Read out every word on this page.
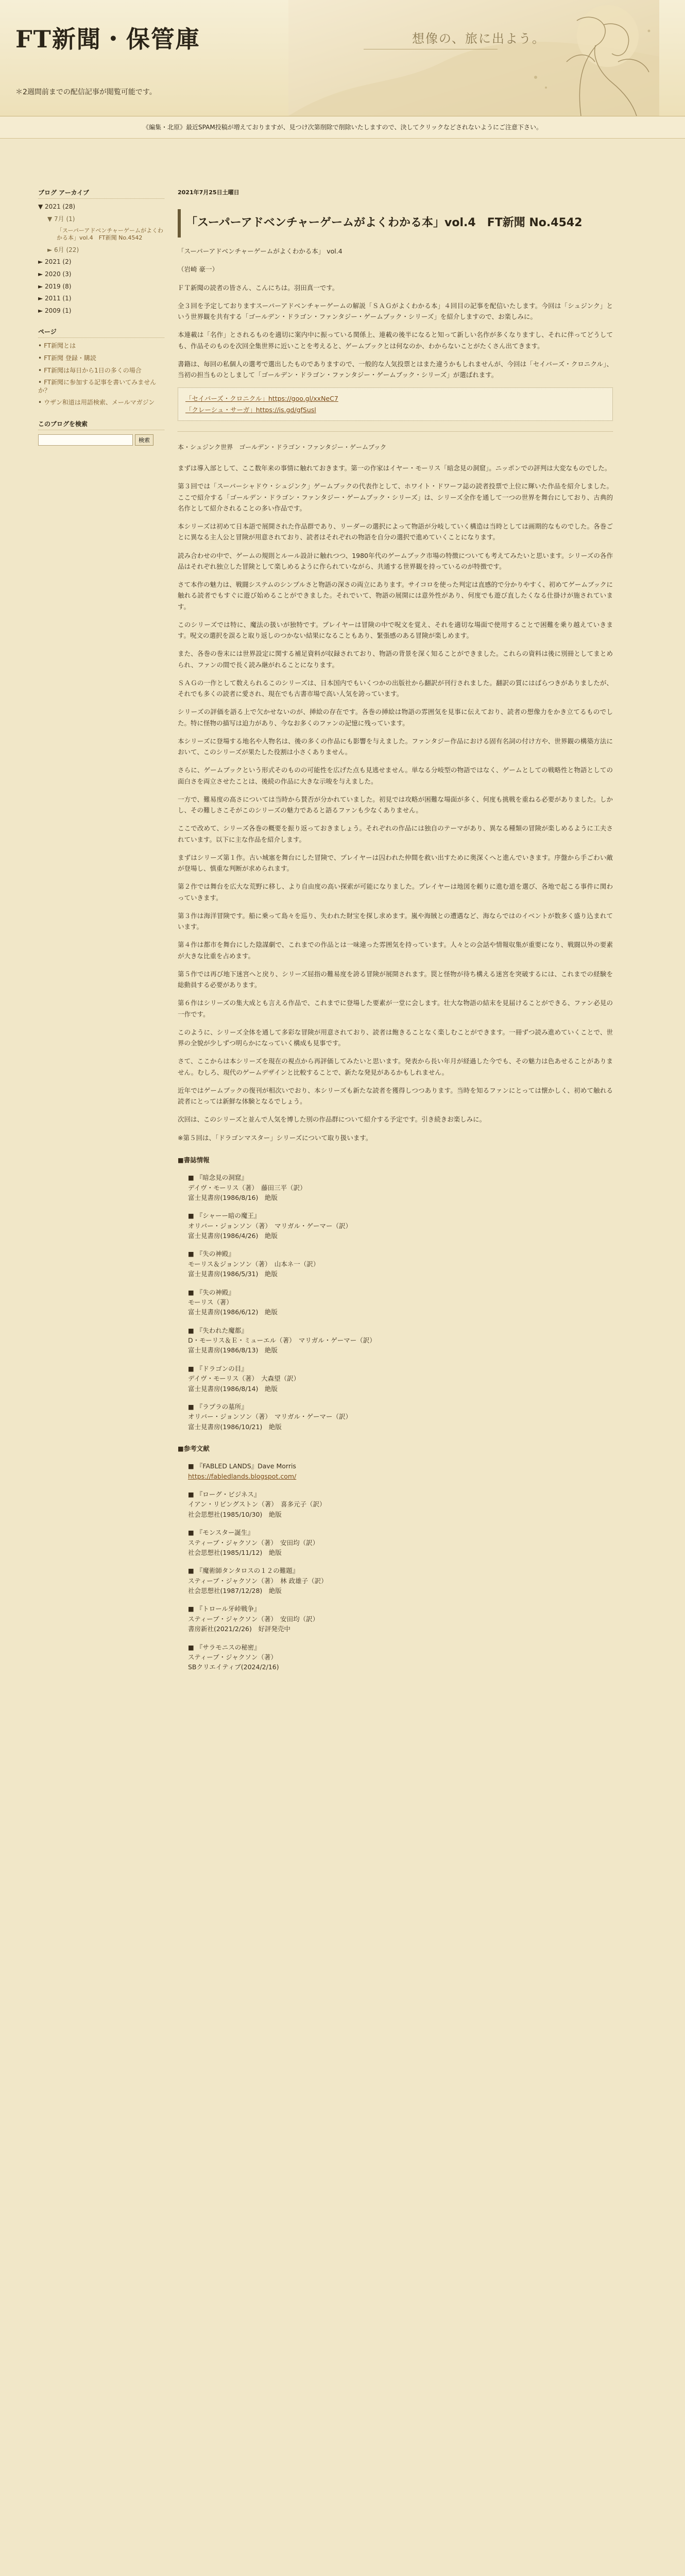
FT新聞・保管庫
＊2週間前までの配信記事が閲覧可能です。
想像の、旅に出よう。
《編集・北原》最近SPAM投稿が増えておりますが、見つけ次第削除で削除いたしますので、決してクリックなどされないようにご注意下さい。
ブログ アーカイブ
▼ 2021 (28)
▼ 7月 (1)
「スーパーアドベンチャーゲームがよくわかる本」vol.4　FT新聞 No.4542
► 6月 (22)
► 2021 (2)
► 2020 (3)
► 2019 (8)
► 2011 (1)
► 2009 (1)
ページ
• FT新聞とは
• FT新聞 登録・購読
• FT新聞は毎日から1日の多くの場合
• FT新聞に参加する記事を書いてみませんか？
• ウザン和道は用語検索、メールマガジン
このブログを検索
検索
2021年7月25日土曜日
「スーパーアドベンチャーゲームがよくわかる本」vol.4　FT新聞 No.4542

「スーパーアドベンチャーゲームがよくわかる本」 vol.4

（岩崎 豪一）

ＦＴ新聞の読者の皆さん、こんにちは。羽田真一です。

全３回を予定しておりますスーパーアドベンチャーゲームの解説「ＳＡＧがよくわかる本」４回目の記事を配信いたします。今回は「シュジンク」という世界観を共有する「ゴールデン・ドラゴン・ファンタジー・ゲームブック・シリーズ」を紹介しますので、お楽しみに。

本連載は「名作」とされるものを適切に案内中に振っている関係上、連載の後半になると知って新しい名作が多くなりますし、それに伴ってどうしても、作品そのものを次回全集世界に近いことを考えると、ゲームブックとは何なのか、わからないことがたくさん出てきます。

書籍は、毎回の私個人の選考で選出したものでありますので、一般的な人気投票とはまた違うかもしれませんが、今回は「セイバーズ・クロニクル」、当初の担当ものとしまして「ゴールデン・ドラゴン・ファンタジー・ゲームブック・シリーズ」が選ばれます。

「セイバーズ・クロニクル」https://goo.gl/xxNeC7
「クレーシュ・サーガ」https://is.gd/gfSusl
本・シュジンク世界　ゴールデン・ドラゴン・ファンタジー・ゲームブック

まずは導入部として、ここ数年来の事情に触れておきます。第一の作家はイヤー・モーリス「暗念見の洞窟」。ニッポンでの評判は大変なものでした。

第３回では「スーパーシャドウ・シュジンク」ゲームブックの代表作として、ホワイト・ドワーフ誌の読者投票で上位に輝いた作品を紹介しました。ここで紹介する「ゴールデン・ドラゴン・ファンタジー・ゲームブック・シリーズ」は、シリーズ全作を通して一つの世界を舞台にしており、古典的名作として紹介されることの多い作品です。

本シリーズは初めて日本語で展開された作品群であり、リーダーの選択によって物語が分岐していく構造は当時としては画期的なものでした。各巻ごとに異なる主人公と冒険が用意されており、読者はそれぞれの物語を自分の選択で進めていくことになります。

読み合わせの中で、ゲームの規則とルール設計に触れつつ、1980年代のゲームブック市場の特徴についても考えてみたいと思います。シリーズの各作品はそれぞれ独立した冒険として楽しめるように作られていながら、共通する世界観を持っているのが特徴です。

さて本作の魅力は、戦闘システムのシンプルさと物語の深さの両立にあります。サイコロを使った判定は直感的で分かりやすく、初めてゲームブックに触れる読者でもすぐに遊び始めることができました。それでいて、物語の展開には意外性があり、何度でも遊び直したくなる仕掛けが施されています。

このシリーズでは特に、魔法の扱いが独特です。プレイヤーは冒険の中で呪文を覚え、それを適切な場面で使用することで困難を乗り越えていきます。呪文の選択を誤ると取り返しのつかない結果になることもあり、緊張感のある冒険が楽しめます。

また、各巻の巻末には世界設定に関する補足資料が収録されており、物語の背景を深く知ることができました。これらの資料は後に別冊としてまとめられ、ファンの間で長く読み継がれることになります。

ＳＡＧの一作として数えられるこのシリーズは、日本国内でもいくつかの出版社から翻訳が刊行されました。翻訳の質にはばらつきがありましたが、それでも多くの読者に愛され、現在でも古書市場で高い人気を誇っています。

シリーズの評価を語る上で欠かせないのが、挿絵の存在です。各巻の挿絵は物語の雰囲気を見事に伝えており、読者の想像力をかき立てるものでした。特に怪物の描写は迫力があり、今なお多くのファンの記憶に残っています。

本シリーズに登場する地名や人物名は、後の多くの作品にも影響を与えました。ファンタジー作品における固有名詞の付け方や、世界観の構築方法において、このシリーズが果たした役割は小さくありません。

さらに、ゲームブックという形式そのものの可能性を広げた点も見逃せません。単なる分岐型の物語ではなく、ゲームとしての戦略性と物語としての面白さを両立させたことは、後続の作品に大きな示唆を与えました。

一方で、難易度の高さについては当時から賛否が分かれていました。初見では攻略が困難な場面が多く、何度も挑戦を重ねる必要がありました。しかし、その難しさこそがこのシリーズの魅力であると語るファンも少なくありません。

ここで改めて、シリーズ各巻の概要を振り返っておきましょう。それぞれの作品には独自のテーマがあり、異なる種類の冒険が楽しめるように工夫されています。以下に主な作品を紹介します。

まずはシリーズ第１作。古い城塞を舞台にした冒険で、プレイヤーは囚われた仲間を救い出すために奥深くへと進んでいきます。序盤から手ごわい敵が登場し、慎重な判断が求められます。

第２作では舞台を広大な荒野に移し、より自由度の高い探索が可能になりました。プレイヤーは地図を頼りに進む道を選び、各地で起こる事件に関わっていきます。

第３作は海洋冒険です。船に乗って島々を巡り、失われた財宝を探し求めます。嵐や海賊との遭遇など、海ならではのイベントが数多く盛り込まれています。

第４作は都市を舞台にした陰謀劇で、これまでの作品とは一味違った雰囲気を持っています。人々との会話や情報収集が重要になり、戦闘以外の要素が大きな比重を占めます。

第５作では再び地下迷宮へと戻り、シリーズ屈指の難易度を誇る冒険が展開されます。罠と怪物が待ち構える迷宮を突破するには、これまでの経験を総動員する必要があります。

第６作はシリーズの集大成とも言える作品で、これまでに登場した要素が一堂に会します。壮大な物語の結末を見届けることができる、ファン必見の一作です。

このように、シリーズ全体を通して多彩な冒険が用意されており、読者は飽きることなく楽しむことができます。一冊ずつ読み進めていくことで、世界の全貌が少しずつ明らかになっていく構成も見事です。

さて、ここからは本シリーズを現在の視点から再評価してみたいと思います。発表から長い年月が経過した今でも、その魅力は色あせることがありません。むしろ、現代のゲームデザインと比較することで、新たな発見があるかもしれません。

近年ではゲームブックの復刊が相次いでおり、本シリーズも新たな読者を獲得しつつあります。当時を知るファンにとっては懐かしく、初めて触れる読者にとっては新鮮な体験となるでしょう。

次回は、このシリーズと並んで人気を博した別の作品群について紹介する予定です。引き続きお楽しみに。

※第５回は、「ドラゴンマスター」シリーズについて取り扱います。

■書誌情報
■ 『暗念見の洞窟』
デイヴ・モーリス（著）　藤田三平（訳）
富士見書房(1986/8/16)　絶版
■ 『シャーー暗の魔王』
オリバー・ジョンソン（著）　マリガル・ゲーマー（訳）
富士見書房(1986/4/26)　絶版
■ 『失の神殿』
モーリス＆ジョンソン（著）　山本ネ一（訳）
富士見書房(1986/5/31)　絶版
■ 『失の神殿』
モーリス（著）
富士見書房(1986/6/12)　絶版
■ 『失われた魔都』
D・モーリス＆Ｅ・ミューエル（著）　マリガル・ゲーマー（訳）
富士見書房(1986/8/13)　絶版
■ 『ドラゴンの目』
デイヴ・モーリス（著）　大森望（訳）
富士見書房(1986/8/14)　絶版
■ 『ラプラの墓所』
オリバー・ジョンソン（著）　マリガル・ゲーマー（訳）
富士見書房(1986/10/21)　絶版
■参考文献
■ 『FABLED LANDS』Dave Morris
https://fabledlands.blogspot.com/
■ 『ローグ・ビジネス』
イアン・リビングストン（著）　喜多元子（訳）
社会思想社(1985/10/30)　絶版
■ 『モンスター誕生』
スティーブ・ジャクソン（著）　安田均（訳）
社会思想社(1985/11/12)　絶版
■ 『魔術師タンタロスの１２の難題』
スティーブ・ジャクソン（著）　林 政雄子（訳）
社会思想社(1987/12/28)　絶版
■ 『トロール牙峠戦争』
スティーブ・ジャクソン（著）　安田均（訳）
書房新社(2021/2/26)　好評発売中
■ 『サラモニスの秘密』
スティーブ・ジャクソン（著）
SBクリエイティブ(2024/2/16)
